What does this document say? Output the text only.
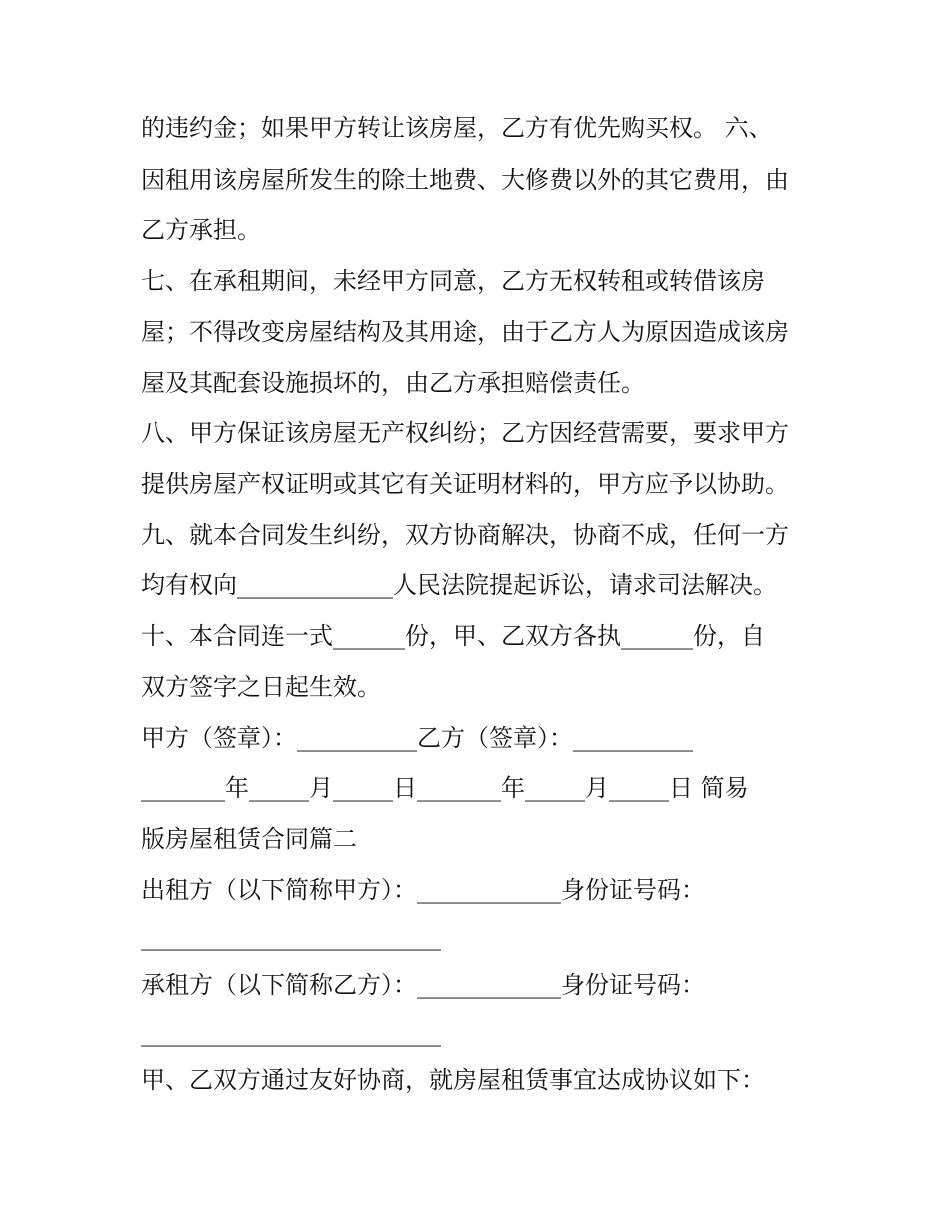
的违约金；如果甲方转让该房屋，乙方有优先购买权。 六、
因租用该房屋所发生的除土地费、大修费以外的其它费用，由
乙方承担。
七、在承租期间，未经甲方同意，乙方无权转租或转借该房
屋；不得改变房屋结构及其用途，由于乙方人为原因造成该房
屋及其配套设施损坏的，由乙方承担赔偿责任。
八、甲方保证该房屋无产权纠纷；乙方因经营需要，要求甲方
提供房屋产权证明或其它有关证明材料的，甲方应予以协助。
九、就本合同发生纠纷，双方协商解决，协商不成，任何一方
均有权向_____________人民法院提起诉讼，请求司法解决。
十、本合同连一式______份，甲、乙双方各执______份，自
双方签字之日起生效。
甲方（签章）：__________乙方（签章）：__________
_______年_____月_____日_______年_____月_____日 简易
版房屋租赁合同篇二
出租方（以下简称甲方）：____________身份证号码：
_________________________
承租方（以下简称乙方）：____________身份证号码：
_________________________
甲、乙双方通过友好协商，就房屋租赁事宜达成协议如下：
